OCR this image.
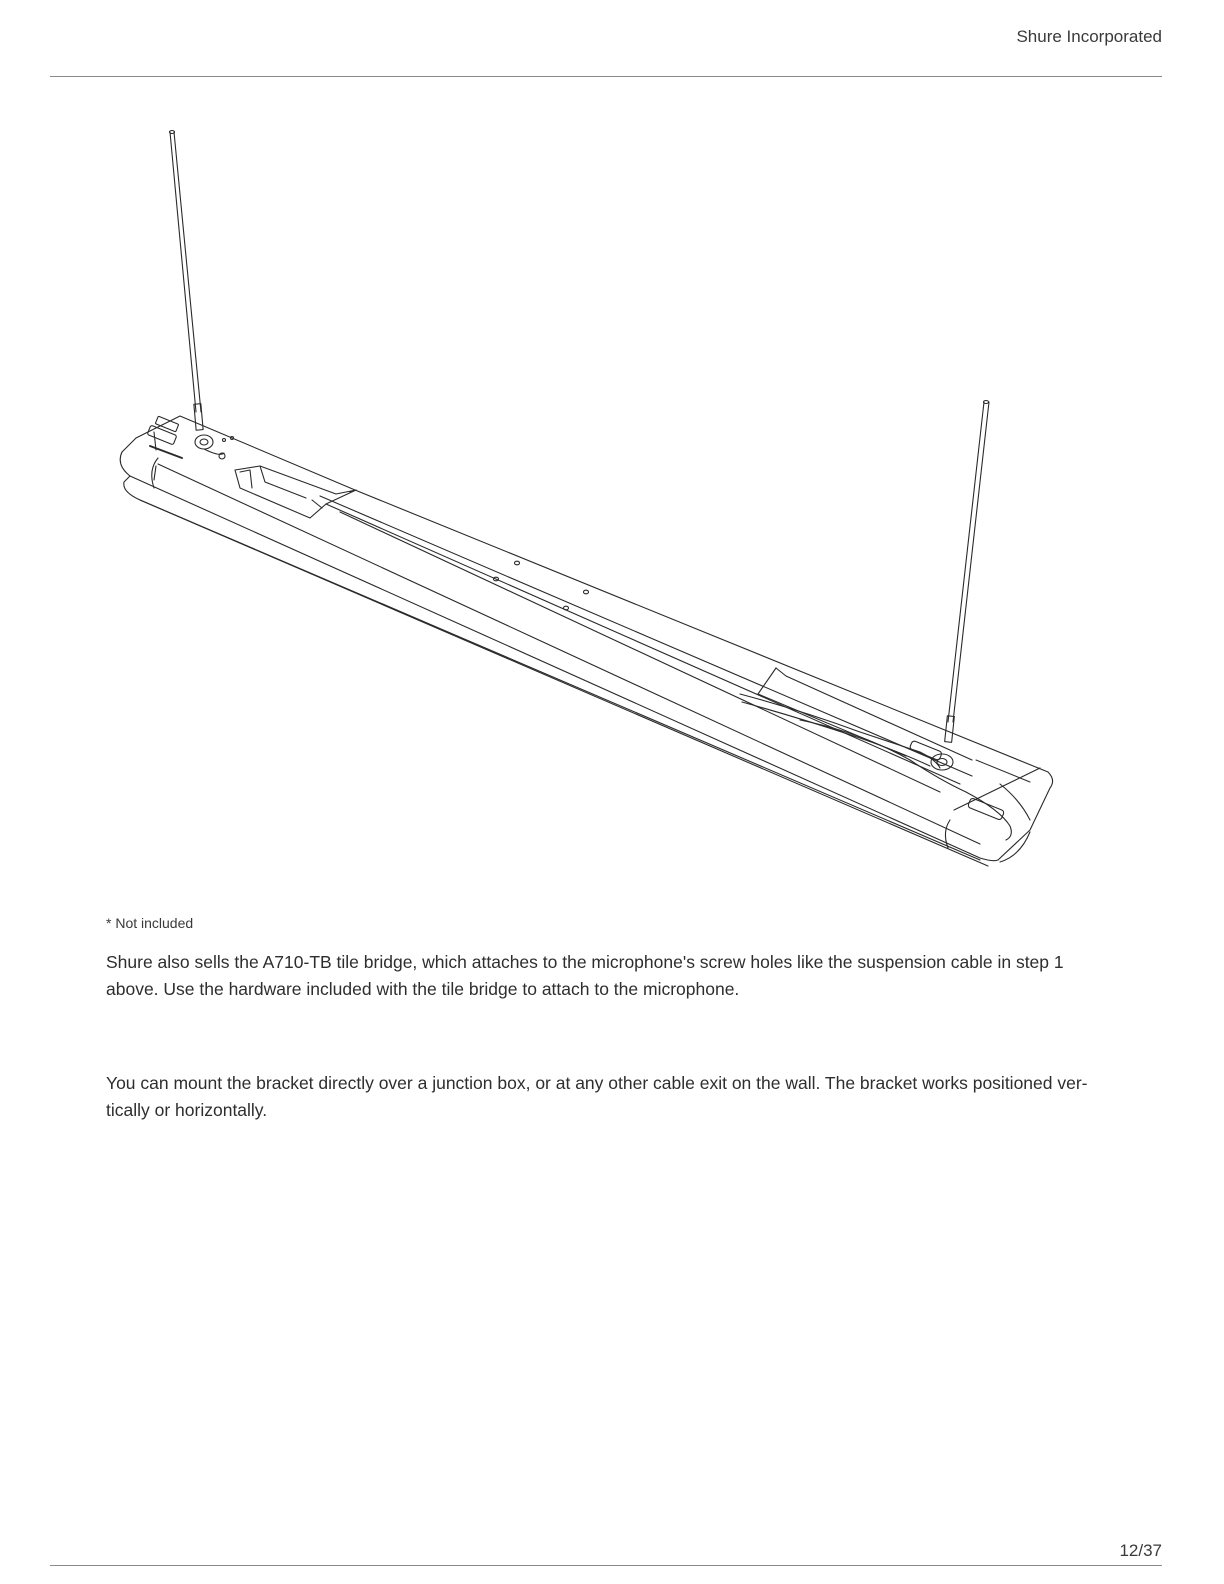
Shure Incorporated
* Not included

Shure also sells the A710-TB tile bridge, which attaches to the microphone's screw holes like the suspension cable in step 1 above. Use the hardware included with the tile bridge to attach to the microphone.

You can mount the bracket directly over a junction box, or at any other cable exit on the wall. The bracket works positioned ver-tically or horizontally.

12/37
